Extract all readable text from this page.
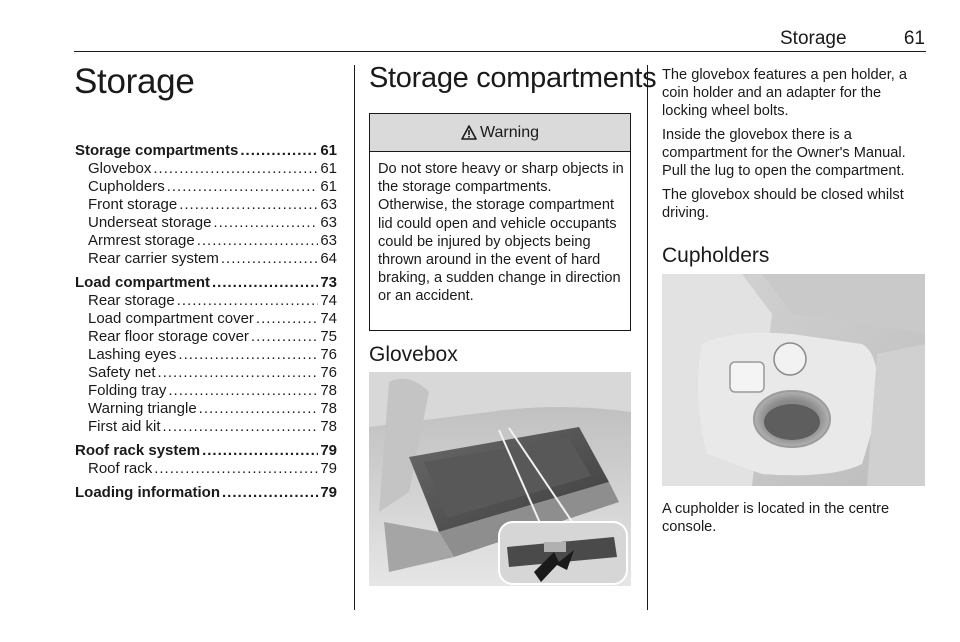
Storage	61
Storage
Storage compartments .....	61
Glovebox .....	61
Cupholders .....	61
Front storage .....	63
Underseat storage .....	63
Armrest storage .....	63
Rear carrier system .....	64
Load compartment .....	73
Rear storage .....	74
Load compartment cover .....	74
Rear floor storage cover .....	75
Lashing eyes .....	76
Safety net .....	76
Folding tray .....	78
Warning triangle .....	78
First aid kit .....	78
Roof rack system .....	79
Roof rack .....	79
Loading information .....	79
Storage compartments
Warning

Do not store heavy or sharp objects in the storage compartments. Otherwise, the storage compartment lid could open and vehicle occupants could be injured by objects being thrown around in the event of hard braking, a sudden change in direction or an accident.

Glovebox

The glovebox features a pen holder, a coin holder and an adapter for the locking wheel bolts.

Inside the glovebox there is a compartment for the Owner's Manual. Pull the lug to open the compartment.

The glovebox should be closed whilst driving.

A cupholder is located in the centre console.

Cupholders
